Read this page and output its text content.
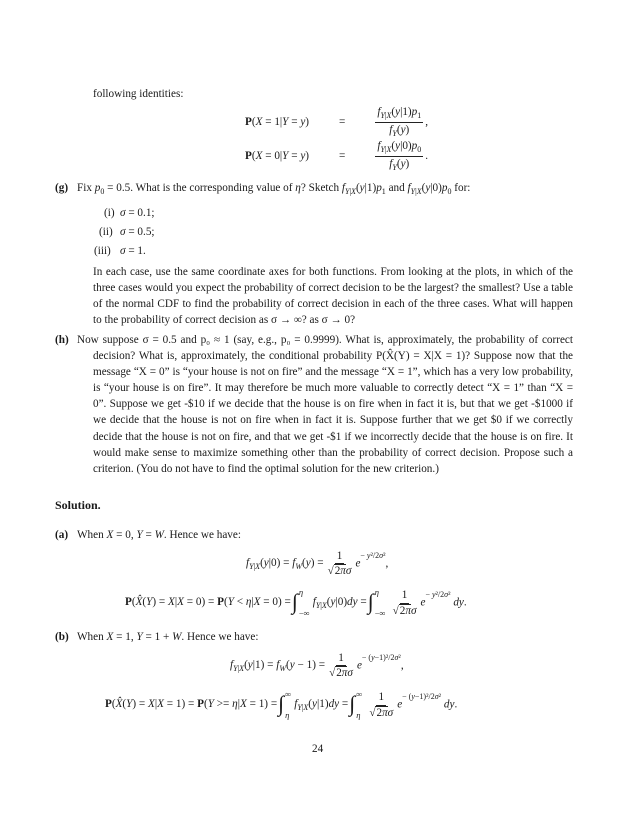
following identities:
P(X = 1|Y = y)	=	$\frac{f_{Y|X}(y|1)p_1}{f_Y(y)}$ ,
P(X = 0|Y = y)	=	$\frac{f_{Y|X}(y|0)p_0}{f_Y(y)}$ .
(g) Fix $p_0 = 0.5$. What is the corresponding value of η? Sketch $f_{Y|X}(y|1)p_1$ and $f_{Y|X}(y|0)p_0$ for:
(i) σ = 0.1;
(ii) σ = 0.5;
(iii) σ = 1.
In each case, use the same coordinate axes for both functions. From looking at the plots, in which of the three cases would you expect the probability of correct decision to be the largest? the smallest? Use a table of the normal CDF to find the probability of correct decision in each of the three cases. What will happen to the probability of correct decision as σ → ∞? as σ → 0?
(h) Now suppose σ = 0.5 and p₀ ≈ 1 (say, e.g., p₀ = 0.9999). What is, approximately, the probability of correct decision? What is, approximately, the conditional probability P(X̂(Y) = X|X = 1)? Suppose now that the message “X = 0” is “your house is not on fire” and the message “X = 1”, which has a very low probability, is “your house is on fire”. It may therefore be much more valuable to correctly detect “X = 1” than “X = 0”. Suppose we get -$10 if we decide that the house is on fire when in fact it is, but that we get -$1000 if we decide that the house is not on fire when in fact it is. Suppose further that we get $0 if we correctly decide that the house is not on fire, and that we get -$1 if we incorrectly decide that the house is on fire. It would make sense to maximize something other than the probability of correct decision. Propose such a criterion. (You do not have to find the optimal solution for the new criterion.)
Solution.
(a) When X = 0, Y = W. Hence we have:
$f_{Y|X}(y|0) = f_W(y) = \frac{1}{√2\pi\sigma} e^{- y^2/2\sigma^2}$,
P(X̂(Y) = X|X = 0) = P(Y < η|X = 0) = ∫ η
−∞
$f_{Y|X}(y|0)dy$ = ∫ η
−∞ $\frac{1}{√2\pi\sigma} e^{- y^2/2\sigma^2}$ dy.
(b) When X = 1, Y = 1 + W. Hence we have:
$f_{Y|X}(y|1) = f_W(y - 1) = \frac{1}{√2\pi\sigma} e^{- (y-1)^2/2\sigma^2}$,
P(X̂(Y) = X|X = 1) = P(Y >= η|X = 1) = ∫ ∞
η
$f_{Y|X}(y|1)dy$ = ∫ ∞
η $\frac{1}{√2\pi\sigma} e^{- (y-1)^2/2\sigma^2}$ dy.
24
